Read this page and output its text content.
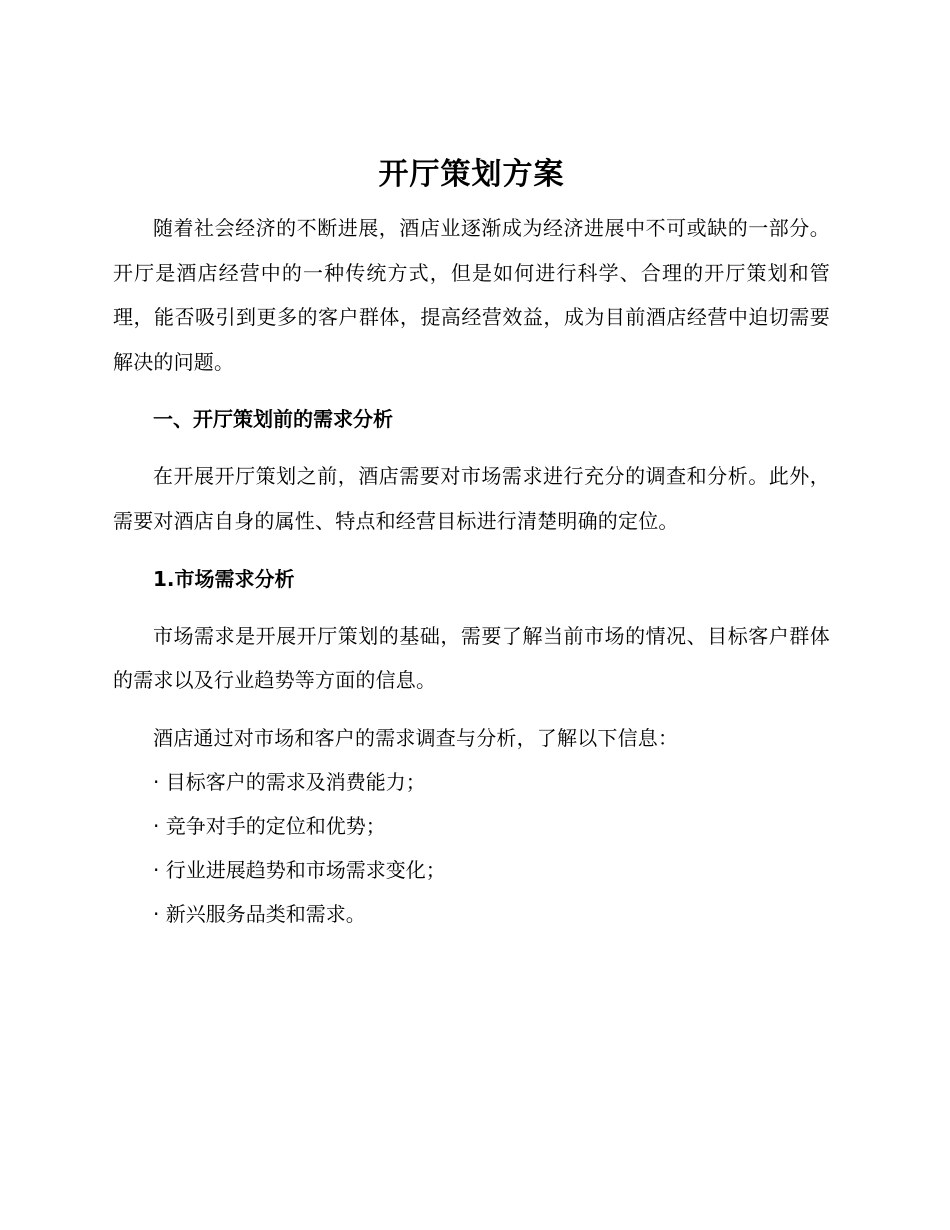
开厅策划方案

随着社会经济的不断进展，酒店业逐渐成为经济进展中不可或缺的一部分。开厅是酒店经营中的一种传统方式，但是如何进行科学、合理的开厅策划和管理，能否吸引到更多的客户群体，提高经营效益，成为目前酒店经营中迫切需要解决的问题。

一、开厅策划前的需求分析

在开展开厅策划之前，酒店需要对市场需求进行充分的调查和分析。此外，需要对酒店自身的属性、特点和经营目标进行清楚明确的定位。

1.市场需求分析

市场需求是开展开厅策划的基础，需要了解当前市场的情况、目标客户群体的需求以及行业趋势等方面的信息。

酒店通过对市场和客户的需求调查与分析，了解以下信息：

· 目标客户的需求及消费能力；

· 竞争对手的定位和优势；

· 行业进展趋势和市场需求变化；

· 新兴服务品类和需求。
